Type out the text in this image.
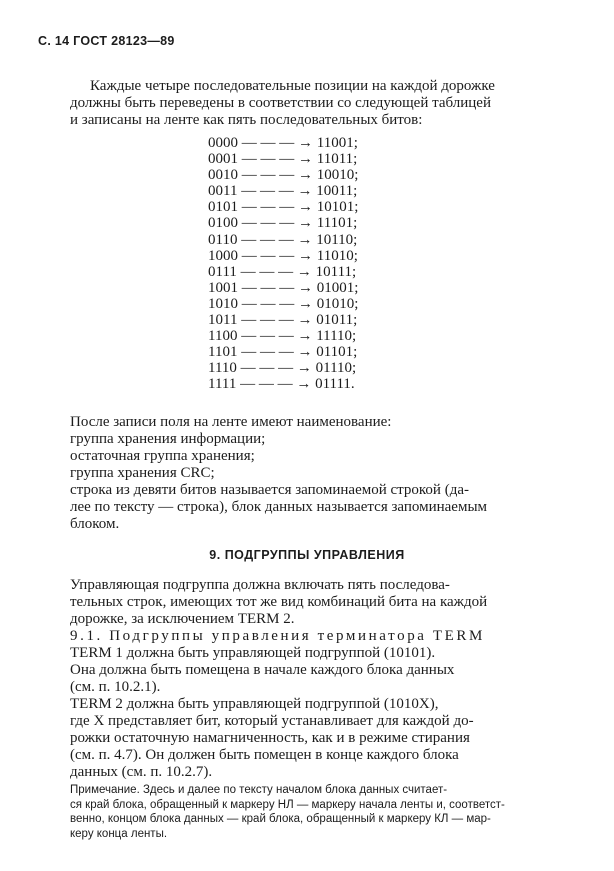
С. 14 ГОСТ 28123—89

Каждые четыре последовательные позиции на каждой дорожке

должны быть переведены в соответствии со следующей таблицей

и записаны на ленте как пять последовательных битов:

0000 — — — → 11001;
0001 — — — → 11011;
0010 — — — → 10010;
0011 — — — → 10011;
0101 — — — → 10101;
0100 — — — → 11101;
0110 — — — → 10110;
1000 — — — → 11010;
0111 — — — → 10111;
1001 — — — → 01001;
1010 — — — → 01010;
1011 — — — → 01011;
1100 — — — → 11110;
1101 — — — → 01101;
1110 — — — → 01110;
1111 — — — → 01111.

После записи поля на ленте имеют наименование:

группа хранения информации;

остаточная группа хранения;

группа хранения CRC;

строка из девяти битов называется запоминаемой строкой (да-

лее по тексту — строка), блок данных называется запоминаемым

блоком.

9. ПОДГРУППЫ УПРАВЛЕНИЯ

Управляющая подгруппа должна включать пять последова-

тельных строк, имеющих тот же вид комбинаций бита на каждой

дорожке, за исключением TERM 2.

9.1. Подгруппы управления терминатора TERM

TERM 1 должна быть управляющей подгруппой (10101).

Она должна быть помещена в начале каждого блока данных

(см. п. 10.2.1).

TERM 2 должна быть управляющей подгруппой (1010X),

где X представляет бит, который устанавливает для каждой до-

рожки остаточную намагниченность, как и в режиме стирания

(см. п. 4.7). Он должен быть помещен в конце каждого блока

данных (см. п. 10.2.7).

Примечание. Здесь и далее по тексту началом блока данных считает-

ся край блока, обращенный к маркеру НЛ — маркеру начала ленты и, соответст-

венно, концом блока данных — край блока, обращенный к маркеру КЛ — мар-

керу конца ленты.
